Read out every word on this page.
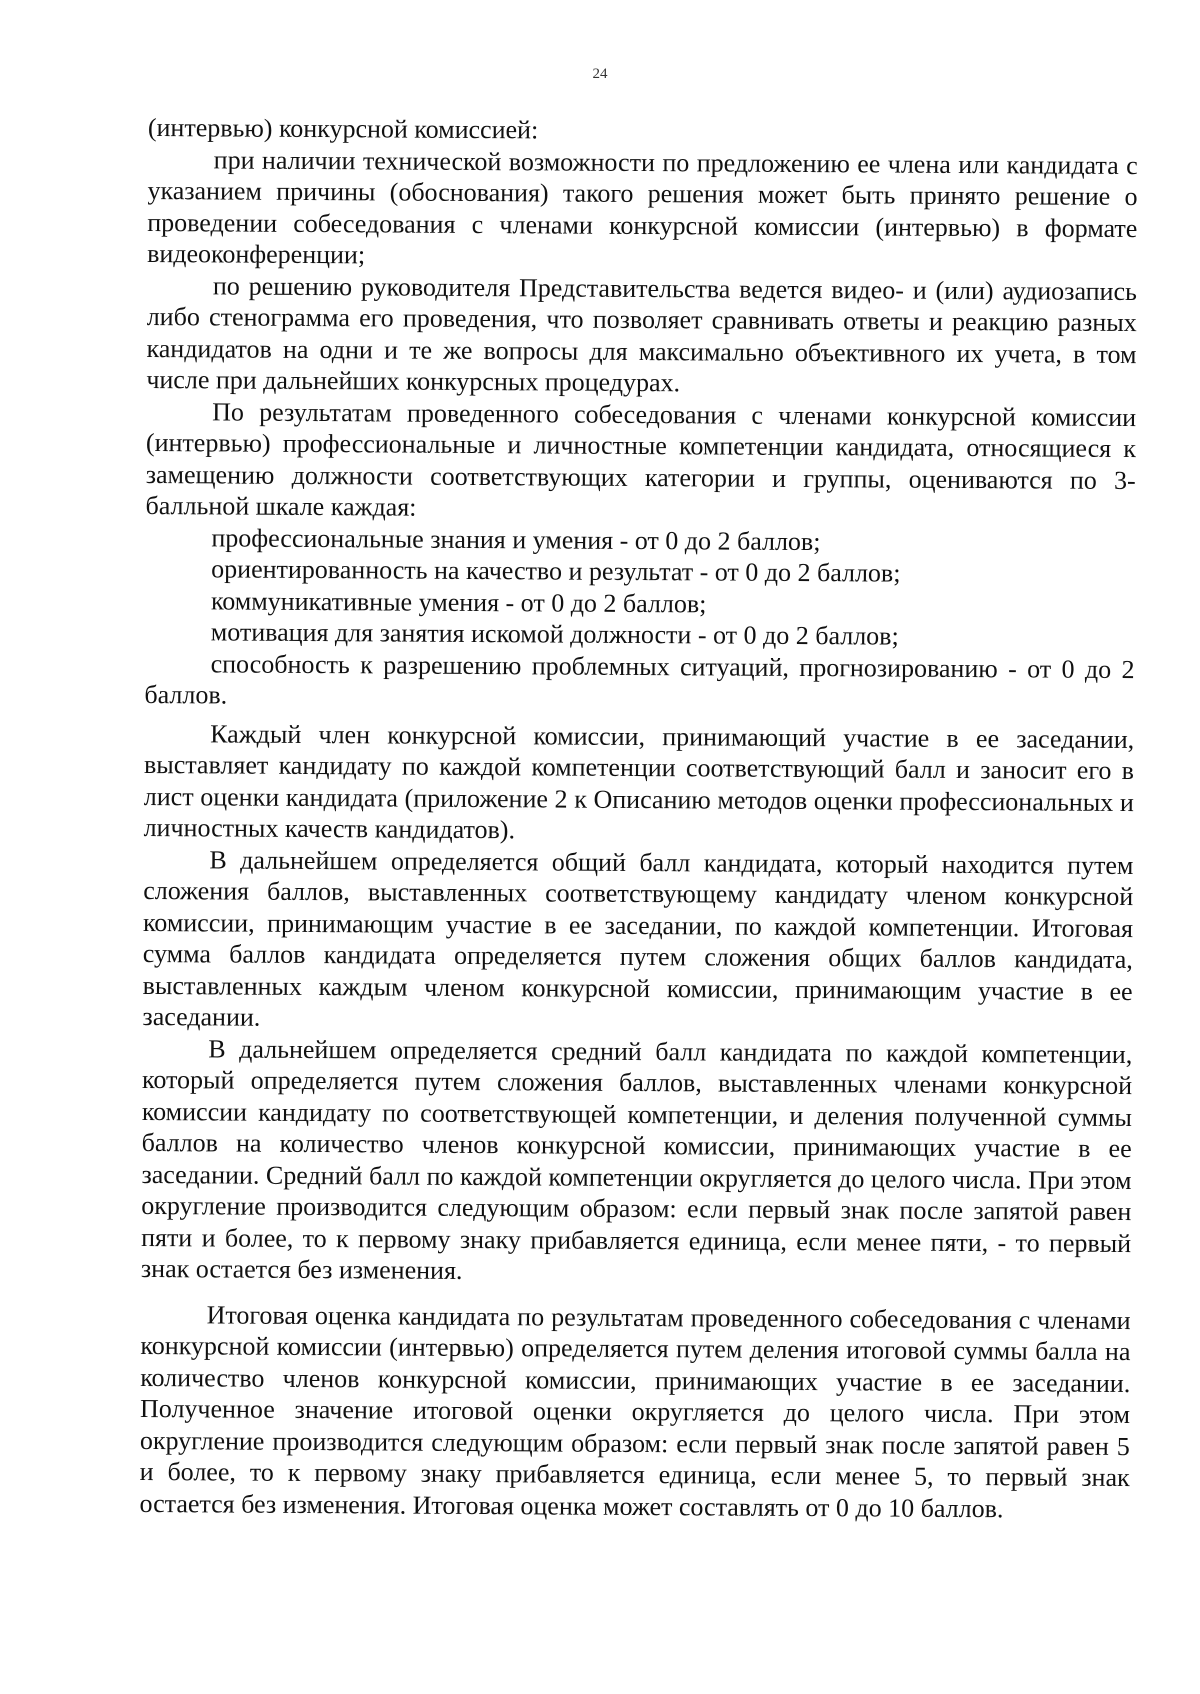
24

(интервью) конкурсной комиссией:

при наличии технической возможности по предложению ее члена или кандидата с указанием причины (обоснования) такого решения может быть принято решение о проведении собеседования с членами конкурсной комиссии (интервью) в формате видеоконференции;

по решению руководителя Представительства ведется видео- и (или) аудиозапись либо стенограмма его проведения, что позволяет сравнивать ответы и реакцию разных кандидатов на одни и те же вопросы для максимально объективного их учета, в том числе при дальнейших конкурсных процедурах.

По результатам проведенного собеседования с членами конкурсной комиссии (интервью) профессиональные и личностные компетенции кандидата, относящиеся к замещению должности соответствующих категории и группы, оцениваются по 3-балльной шкале каждая:

профессиональные знания и умения - от 0 до 2 баллов;

ориентированность на качество и результат - от 0 до 2 баллов;

коммуникативные умения - от 0 до 2 баллов;

мотивация для занятия искомой должности - от 0 до 2 баллов;

способность к разрешению проблемных ситуаций, прогнозированию - от 0 до 2 баллов.

Каждый член конкурсной комиссии, принимающий участие в ее заседании, выставляет кандидату по каждой компетенции соответствующий балл и заносит его в лист оценки кандидата (приложение 2 к Описанию методов оценки профессиональных и личностных качеств кандидатов).

В дальнейшем определяется общий балл кандидата, который находится путем сложения баллов, выставленных соответствующему кандидату членом конкурсной комиссии, принимающим участие в ее заседании, по каждой компетенции. Итоговая сумма баллов кандидата определяется путем сложения общих баллов кандидата, выставленных каждым членом конкурсной комиссии, принимающим участие в ее заседании.

В дальнейшем определяется средний балл кандидата по каждой компетенции, который определяется путем сложения баллов, выставленных членами конкурсной комиссии кандидату по соответствующей компетенции, и деления полученной суммы баллов на количество членов конкурсной комиссии, принимающих участие в ее заседании. Средний балл по каждой компетенции округляется до целого числа. При этом округление производится следующим образом: если первый знак после запятой равен пяти и более, то к первому знаку прибавляется единица, если менее пяти, - то первый знак остается без изменения.

Итоговая оценка кандидата по результатам проведенного собеседования с членами конкурсной комиссии (интервью) определяется путем деления итоговой суммы балла на количество членов конкурсной комиссии, принимающих участие в ее заседании. Полученное значение итоговой оценки округляется до целого числа. При этом округление производится следующим образом: если первый знак после запятой равен 5 и более, то к первому знаку прибавляется единица, если менее 5, то первый знак остается без изменения. Итоговая оценка может составлять от 0 до 10 баллов.
